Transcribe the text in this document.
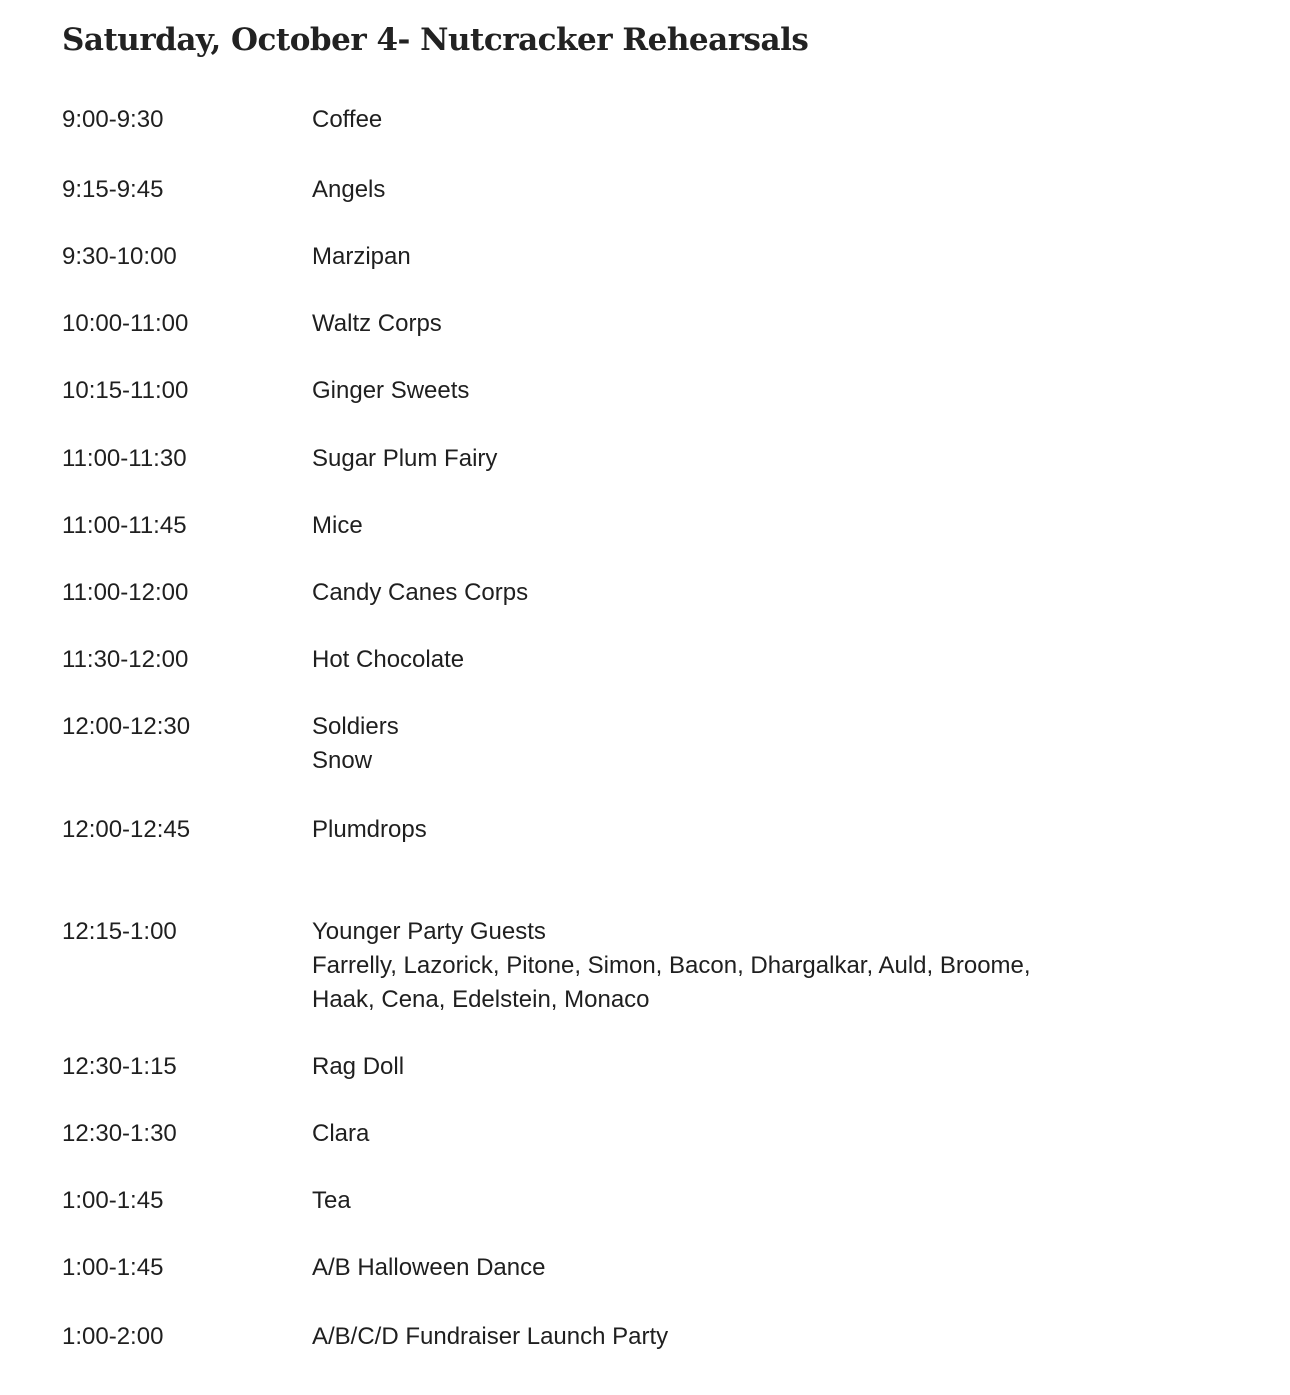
Saturday, October 4- Nutcracker Rehearsals
9:00-9:30	Coffee
9:15-9:45	Angels
9:30-10:00	Marzipan
10:00-11:00	Waltz Corps
10:15-11:00	Ginger Sweets
11:00-11:30	Sugar Plum Fairy
11:00-11:45	Mice
11:00-12:00	Candy Canes Corps
11:30-12:00	Hot Chocolate
12:00-12:30	Soldiers
Snow
12:00-12:45	Plumdrops
12:15-1:00	Younger Party Guests
Farrelly, Lazorick, Pitone, Simon, Bacon, Dhargalkar, Auld, Broome,
Haak, Cena, Edelstein, Monaco
12:30-1:15	Rag Doll
12:30-1:30	Clara
1:00-1:45	Tea
1:00-1:45	A/B Halloween Dance
1:00-2:00	A/B/C/D Fundraiser Launch Party
